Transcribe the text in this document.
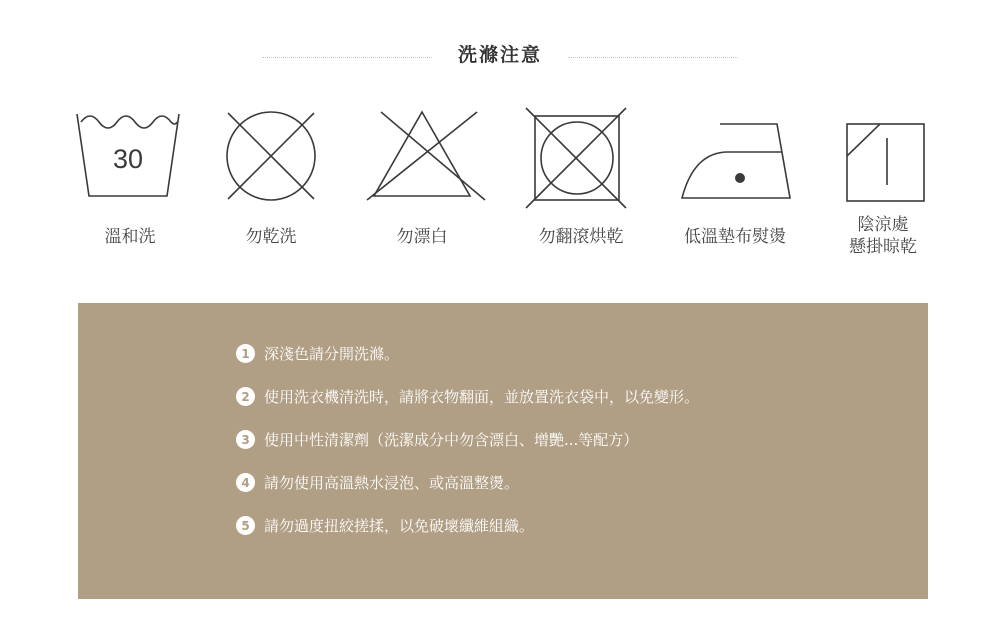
洗滌注意
30
溫和洗	勿乾洗	勿漂白	勿翻滾烘乾	低溫墊布熨燙
陰涼處
懸掛晾乾
1 深淺色請分開洗滌。
2 使用洗衣機清洗時，請將衣物翻面，並放置洗衣袋中，以免變形。
3 使用中性清潔劑（洗潔成分中勿含漂白、增艷...等配方）
4 請勿使用高溫熱水浸泡、或高溫整燙。
5 請勿過度扭絞搓揉，以免破壞纖維組織。
